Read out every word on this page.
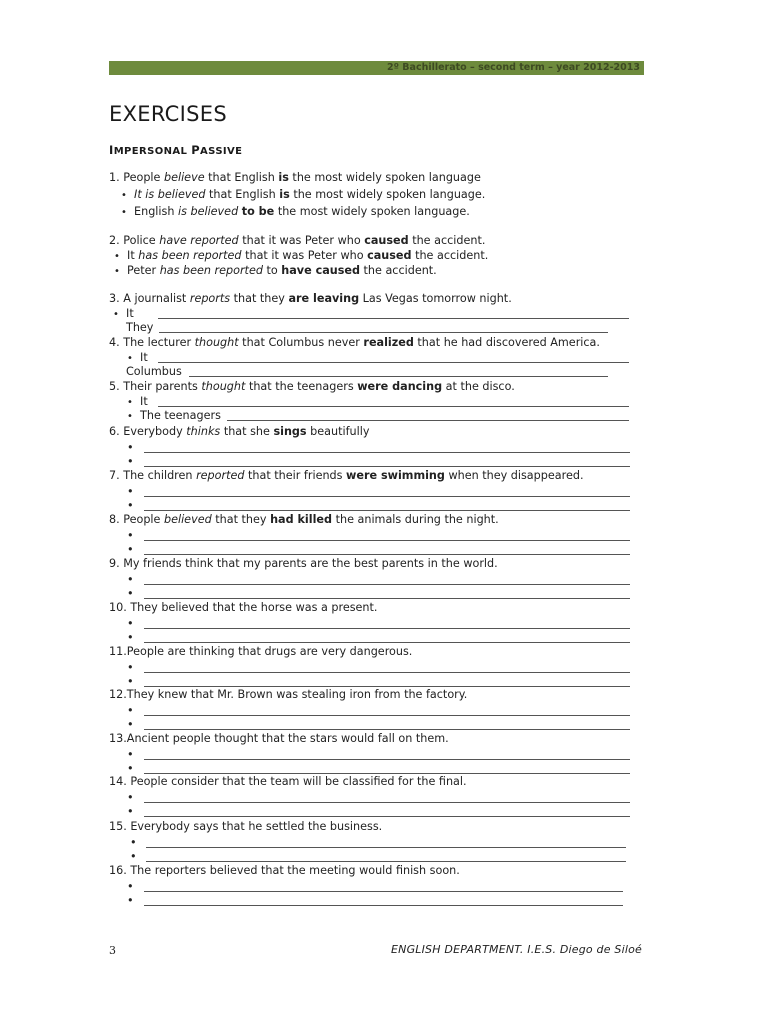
2º Bachillerato – second term – year 2012-2013
EXERCISES
IMPERSONAL PASSIVE
1. People believe that English is the most widely spoken language
• It is believed that English is the most widely spoken language.
• English is believed to be the most widely spoken language.
2. Police have reported that it was Peter who caused the accident.
• It has been reported that it was Peter who caused the accident.
• Peter has been reported to have caused the accident.
3. A journalist reports that they are leaving Las Vegas tomorrow night.
• It
They
4. The lecturer thought that Columbus never realized that he had discovered America.
• It
Columbus
5. Their parents thought that the teenagers were dancing at the disco.
• It
• The teenagers
6. Everybody thinks that she sings beautifully
•
•
7. The children reported that their friends were swimming when they disappeared.
•
•
8. People believed that they had killed the animals during the night.
•
•
9. My friends think that my parents are the best parents in the world.
•
•
10. They believed that the horse was a present.
•
•
11.People are thinking that drugs are very dangerous.
•
•
12.They knew that Mr. Brown was stealing iron from the factory.
•
•
13.Ancient people thought that the stars would fall on them.
•
•
14. People consider that the team will be classified for the final.
•
•
15. Everybody says that he settled the business.
•
•
16. The reporters believed that the meeting would finish soon.
•
•
3	ENGLISH DEPARTMENT. I.E.S. Diego de Siloé
